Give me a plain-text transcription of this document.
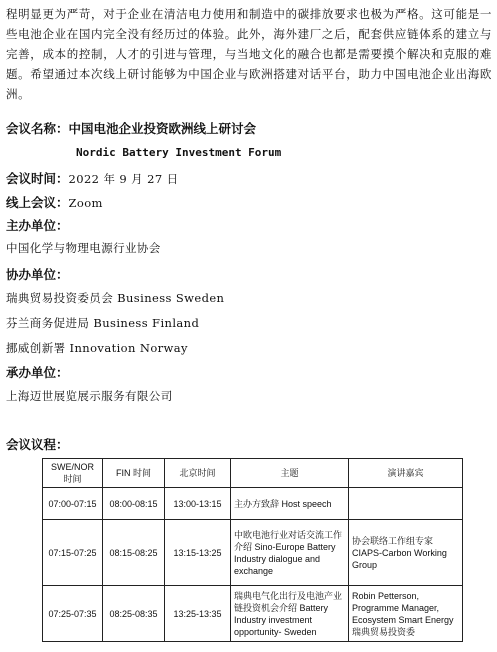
程明显更为严苛，对于企业在清洁电力使用和制造中的碳排放要求也极为严格。这可能是一些电池企业在国内完全没有经历过的体验。此外，海外建厂之后，配套供应链体系的建立与完善，成本的控制，人才的引进与管理，与当地文化的融合也都是需要摸个解决和克服的难题。希望通过本次线上研讨能够为中国企业与欧洲搭建对话平台，助力中国电池企业出海欧洲。

会议名称：中国电池企业投资欧洲线上研讨会
Nordic Battery Investment Forum
会议时间：2022 年 9 月 27 日
线上会议：Zoom
主办单位：
中国化学与物理电源行业协会
协办单位：
瑞典贸易投资委员会 Business Sweden
芬兰商务促进局 Business Finland
挪威创新署 Innovation Norway
承办单位：
上海迈世展览展示服务有限公司
会议议程：
SWE/NOR 时间	FIN 时间	北京时间	主题	演讲嘉宾
07:00-07:15	08:00-08:15	13:00-13:15	主办方致辞 Host speech	
07:15-07:25	08:15-08:25	13:15-13:25	中欧电池行业对话交流工作介绍 Sino-Europe Battery Industry dialogue and exchange	协会联络工作组专家 CIAPS-Carbon Working Group
07:25-07:35	08:25-08:35	13:25-13:35	瑞典电气化出行及电池产业链投资机会介绍 Battery Industry investment opportunity- Sweden	Robin Petterson, Programme Manager, Ecosystem Smart Energy 瑞典贸易投资委
